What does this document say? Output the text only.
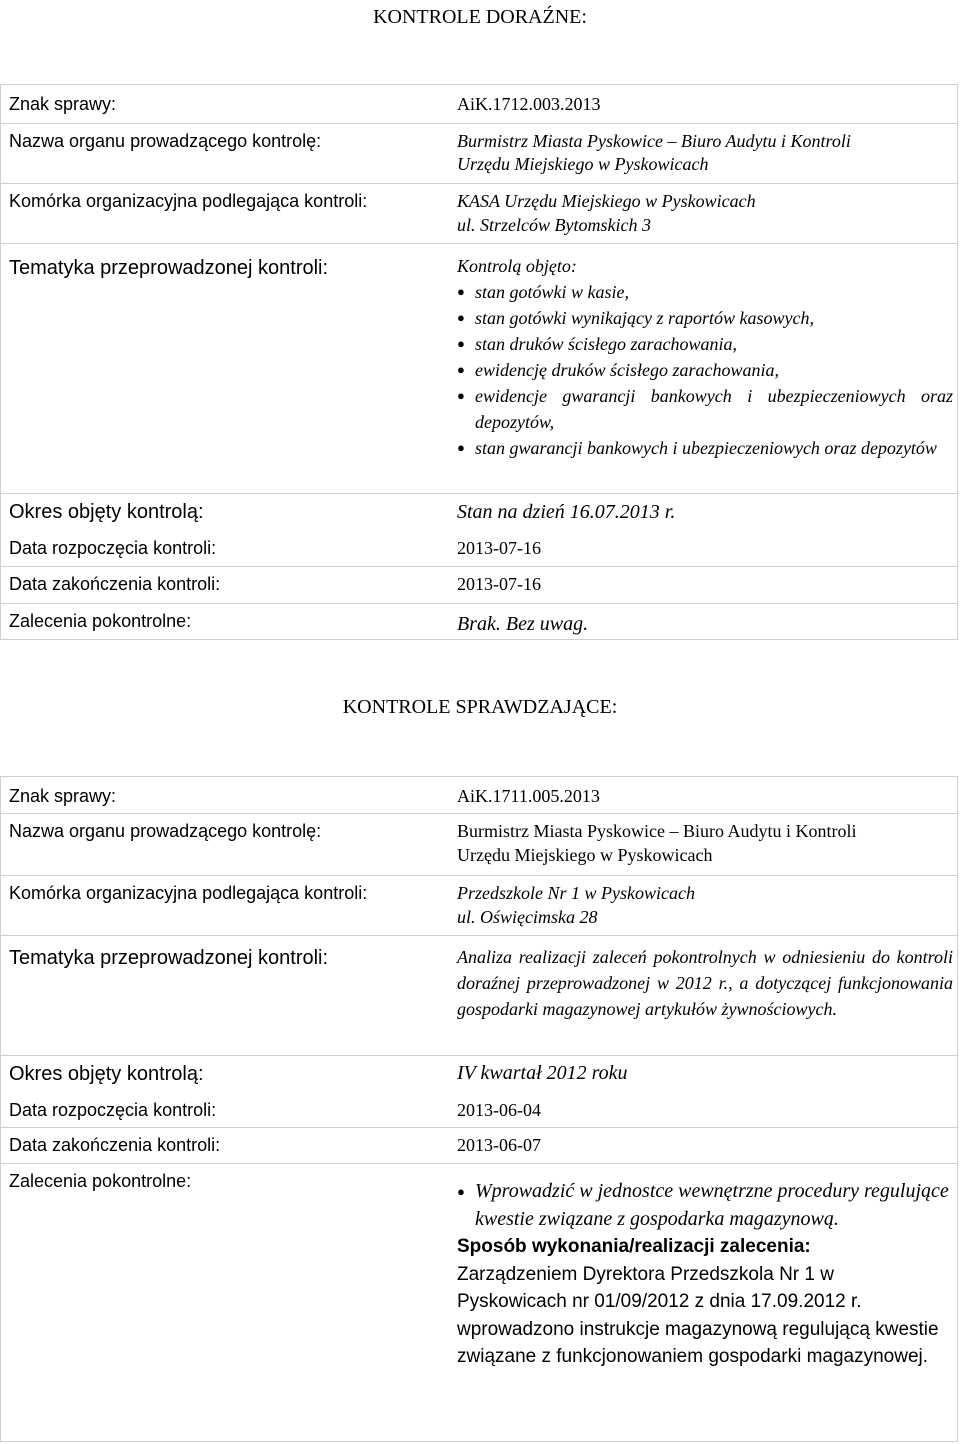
KONTROLE DORAŹNE:
Znak sprawy:	AiK.1712.003.2013
Nazwa organu prowadzącego kontrolę:	Burmistrz Miasta Pyskowice – Biuro Audytu i Kontroli
Urzędu Miejskiego w Pyskowicach
Komórka organizacyjna podlegająca kontroli:	KASA Urzędu Miejskiego w Pyskowicach
ul. Strzelców Bytomskich 3
Tematyka przeprowadzonej kontroli:	Kontrolą objęto:
● stan gotówki w kasie,
● stan gotówki wynikający z raportów kasowych,
● stan druków ścisłego zarachowania,
● ewidencję druków ścisłego zarachowania,
● ewidencje gwarancji bankowych i ubezpieczeniowych oraz depozytów,
● stan gwarancji bankowych i ubezpieczeniowych oraz depozytów
Okres objęty kontrolą:	Stan na dzień 16.07.2013 r.
Data rozpoczęcia kontroli:	2013-07-16
Data zakończenia kontroli:	2013-07-16
Zalecenia pokontrolne:	Brak. Bez uwag.
KONTROLE SPRAWDZAJĄCE:
Znak sprawy:	AiK.1711.005.2013
Nazwa organu prowadzącego kontrolę:	Burmistrz Miasta Pyskowice – Biuro Audytu i Kontroli
Urzędu Miejskiego w Pyskowicach
Komórka organizacyjna podlegająca kontroli:	Przedszkole Nr 1 w Pyskowicach
ul. Oświęcimska 28
Tematyka przeprowadzonej kontroli:	Analiza realizacji zaleceń pokontrolnych w odniesieniu do kontroli doraźnej przeprowadzonej w 2012 r., a dotyczącej funkcjonowania gospodarki magazynowej artykułów żywnościowych.
Okres objęty kontrolą:	IV kwartał 2012 roku
Data rozpoczęcia kontroli:	2013-06-04
Data zakończenia kontroli:	2013-06-07
Zalecenia pokontrolne:
●	Wprowadzić w jednostce wewnętrzne procedury regulujące kwestie związane z gospodarka magazynową.
Sposób wykonania/realizacji zalecenia:
Zarządzeniem Dyrektora Przedszkola Nr 1 w Pyskowicach nr 01/09/2012 z dnia 17.09.2012 r. wprowadzono instrukcje magazynową regulującą kwestie związane z funkcjonowaniem gospodarki magazynowej.
